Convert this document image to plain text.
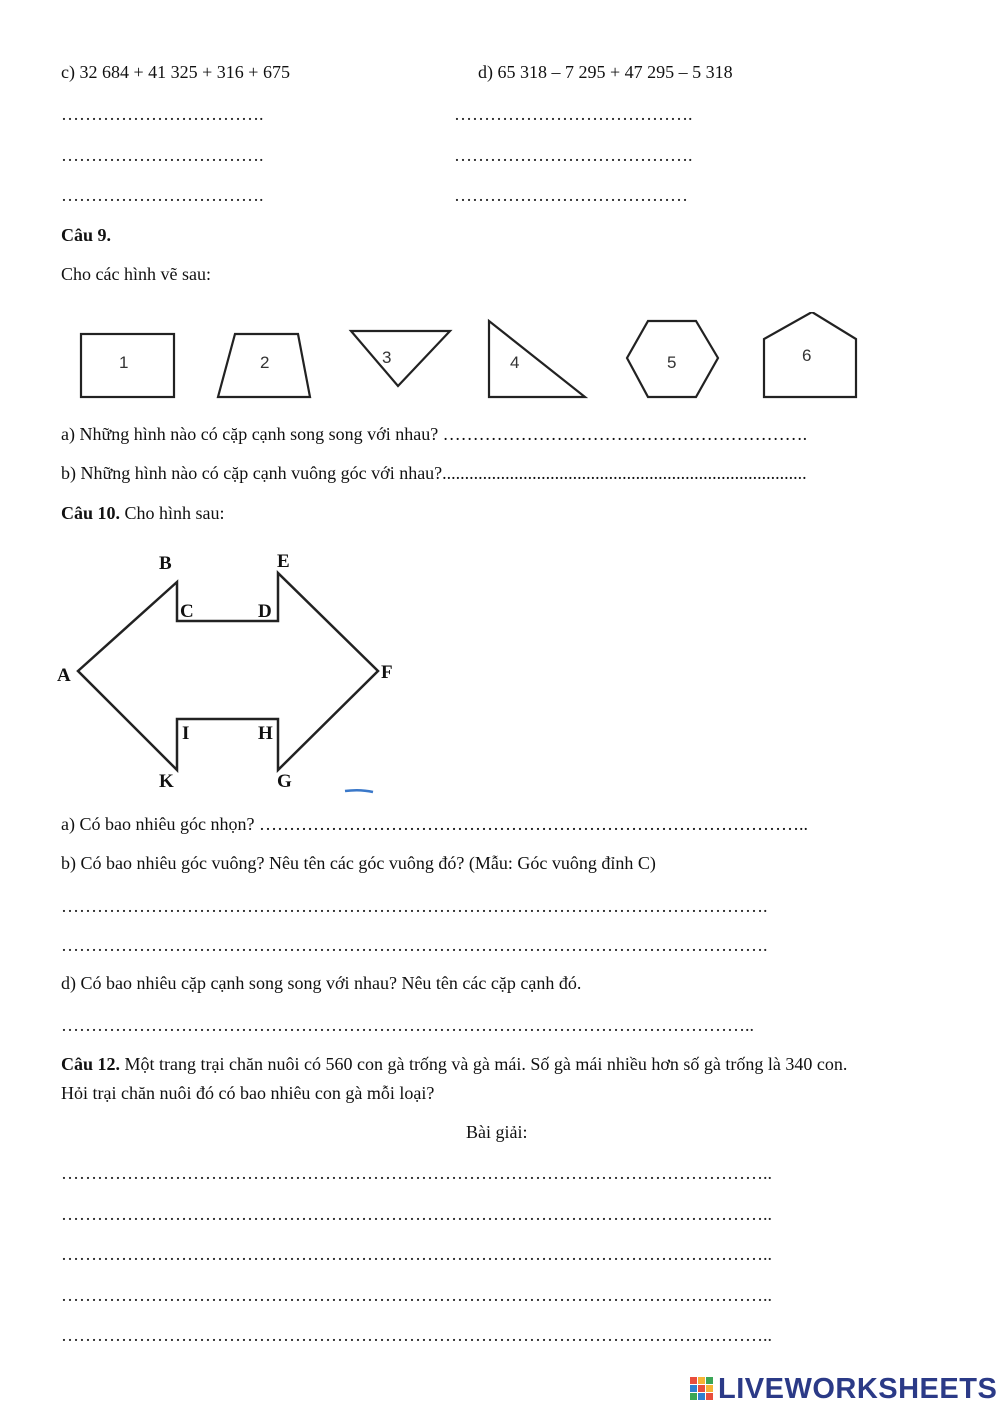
c) 32 684 + 41 325 + 316 + 675	d) 65 318 – 7 295 + 47 295 – 5 318
…………………………….	………………………………….
…………………………….	………………………………….
…………………………….	…………………………………
Câu 9.
Cho các hình vẽ sau:
1	2	3	4	5	6
a) Những hình nào có cặp cạnh song song với nhau? …………………………………………………….
b) Những hình nào có cặp cạnh vuông góc với nhau?.................................................................................
Câu 10. Cho hình sau:
A
B
C	D
E
F
G
H
I
K
a) Có bao nhiêu góc nhọn? ………………………………………………………………………………..
b) Có bao nhiêu góc vuông? Nêu tên các góc vuông đó? (Mẫu: Góc vuông đỉnh C)
……………………………………………………………………………………………………….
……………………………………………………………………………………………………….
d) Có bao nhiêu cặp cạnh song song với nhau? Nêu tên các cặp cạnh đó.
……………………………………………………………………………………………………..
Câu 12. Một trang trại chăn nuôi có 560 con gà trống và gà mái. Số gà mái nhiều hơn số gà trống là 340 con.
Hỏi trại chăn nuôi đó có bao nhiêu con gà mỗi loại?
Bài giải:
………………………………………………………………………………………………………..
………………………………………………………………………………………………………..
………………………………………………………………………………………………………..
………………………………………………………………………………………………………..
………………………………………………………………………………………………………..
LIVEWORKSHEETS
